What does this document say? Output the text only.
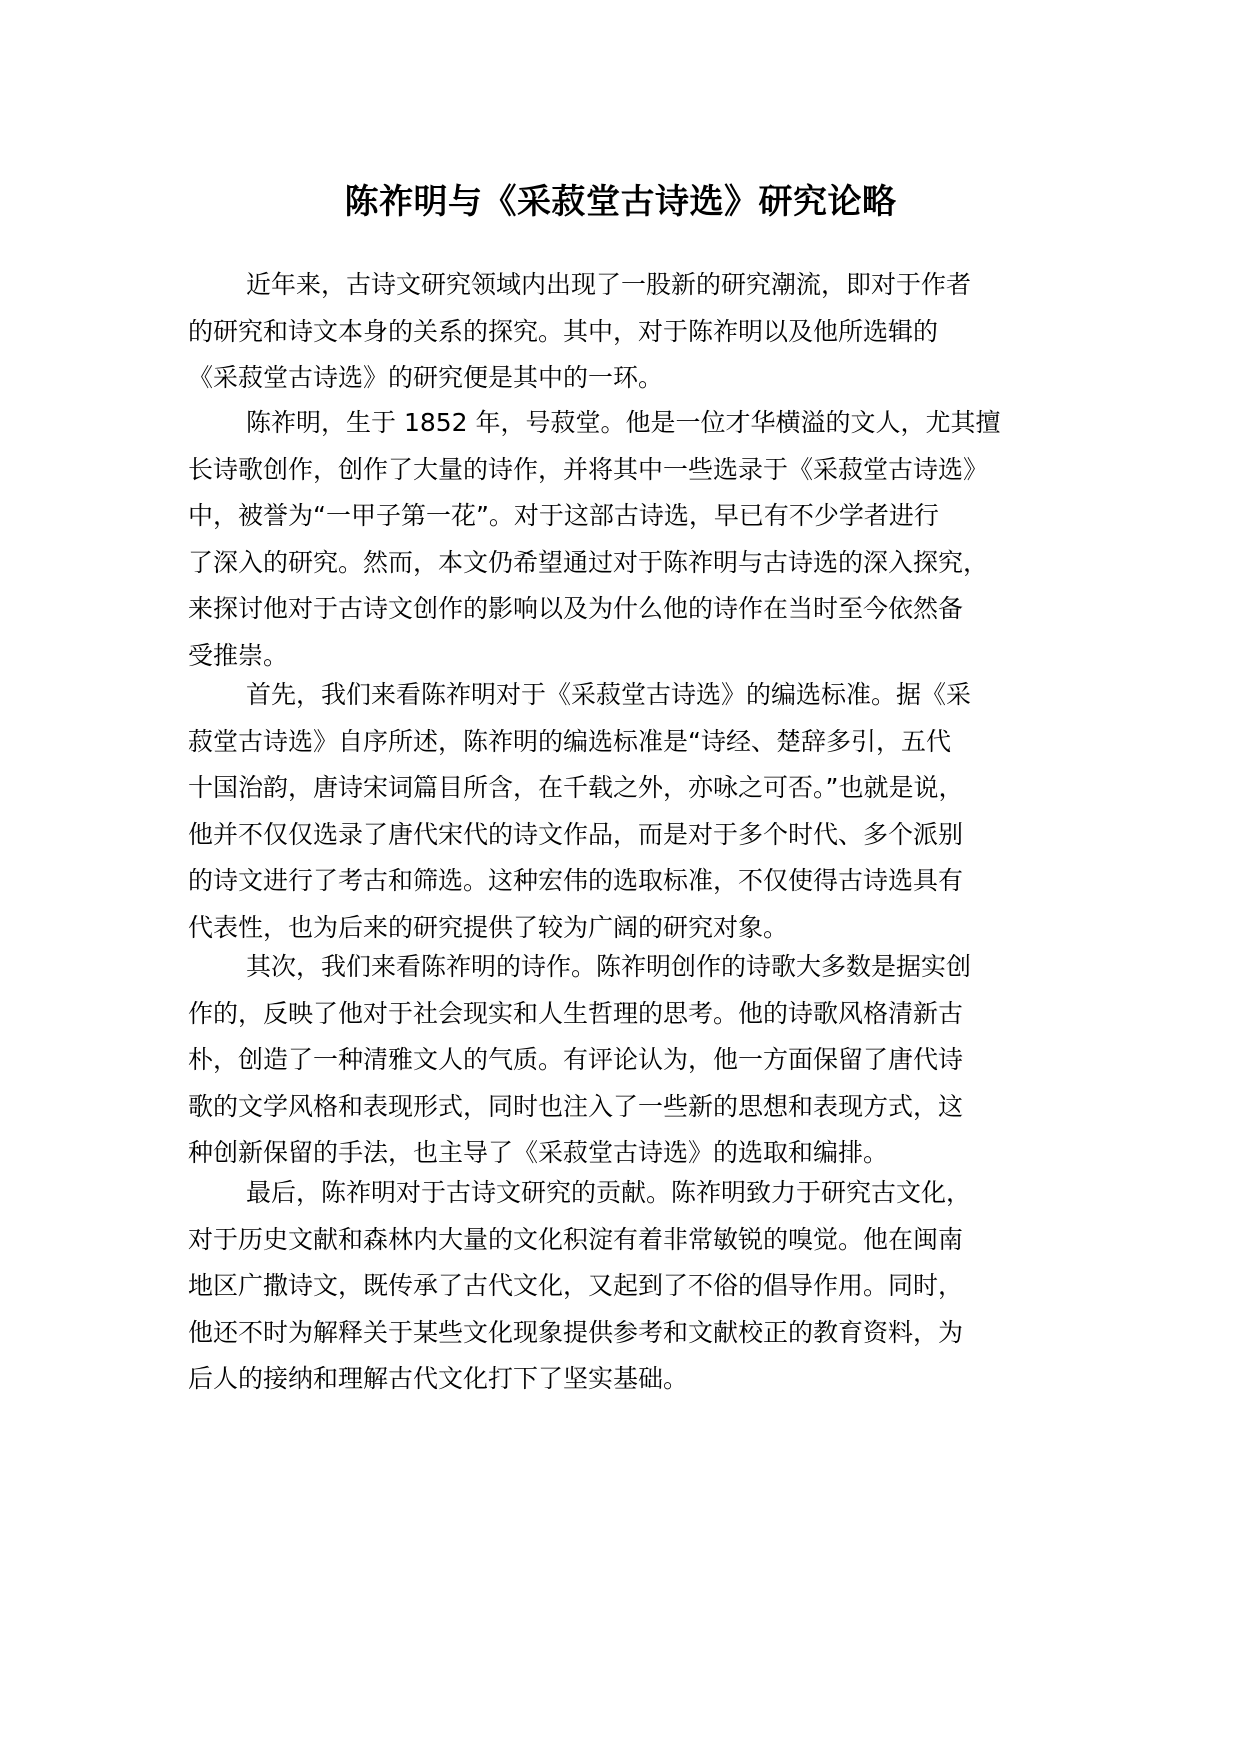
陈祚明与《采菽堂古诗选》研究论略

近年来，古诗文研究领域内出现了一股新的研究潮流，即对于作者
的研究和诗文本身的关系的探究。其中，对于陈祚明以及他所选辑的
《采菽堂古诗选》的研究便是其中的一环。

陈祚明，生于 1852 年，号菽堂。他是一位才华横溢的文人，尤其擅
长诗歌创作，创作了大量的诗作，并将其中一些选录于《采菽堂古诗选》
中，被誉为“一甲子第一花”。对于这部古诗选，早已有不少学者进行
了深入的研究。然而，本文仍希望通过对于陈祚明与古诗选的深入探究，
来探讨他对于古诗文创作的影响以及为什么他的诗作在当时至今依然备
受推崇。

首先，我们来看陈祚明对于《采菽堂古诗选》的编选标准。据《采
菽堂古诗选》自序所述，陈祚明的编选标准是“诗经、楚辞多引，五代
十国治韵，唐诗宋词篇目所含，在千载之外，亦咏之可否。”也就是说，
他并不仅仅选录了唐代宋代的诗文作品，而是对于多个时代、多个派别
的诗文进行了考古和筛选。这种宏伟的选取标准，不仅使得古诗选具有
代表性，也为后来的研究提供了较为广阔的研究对象。

其次，我们来看陈祚明的诗作。陈祚明创作的诗歌大多数是据实创
作的，反映了他对于社会现实和人生哲理的思考。他的诗歌风格清新古
朴，创造了一种清雅文人的气质。有评论认为，他一方面保留了唐代诗
歌的文学风格和表现形式，同时也注入了一些新的思想和表现方式，这
种创新保留的手法，也主导了《采菽堂古诗选》的选取和编排。

最后，陈祚明对于古诗文研究的贡献。陈祚明致力于研究古文化，
对于历史文献和森林内大量的文化积淀有着非常敏锐的嗅觉。他在闽南
地区广撒诗文，既传承了古代文化，又起到了不俗的倡导作用。同时，
他还不时为解释关于某些文化现象提供参考和文献校正的教育资料，为
后人的接纳和理解古代文化打下了坚实基础。
